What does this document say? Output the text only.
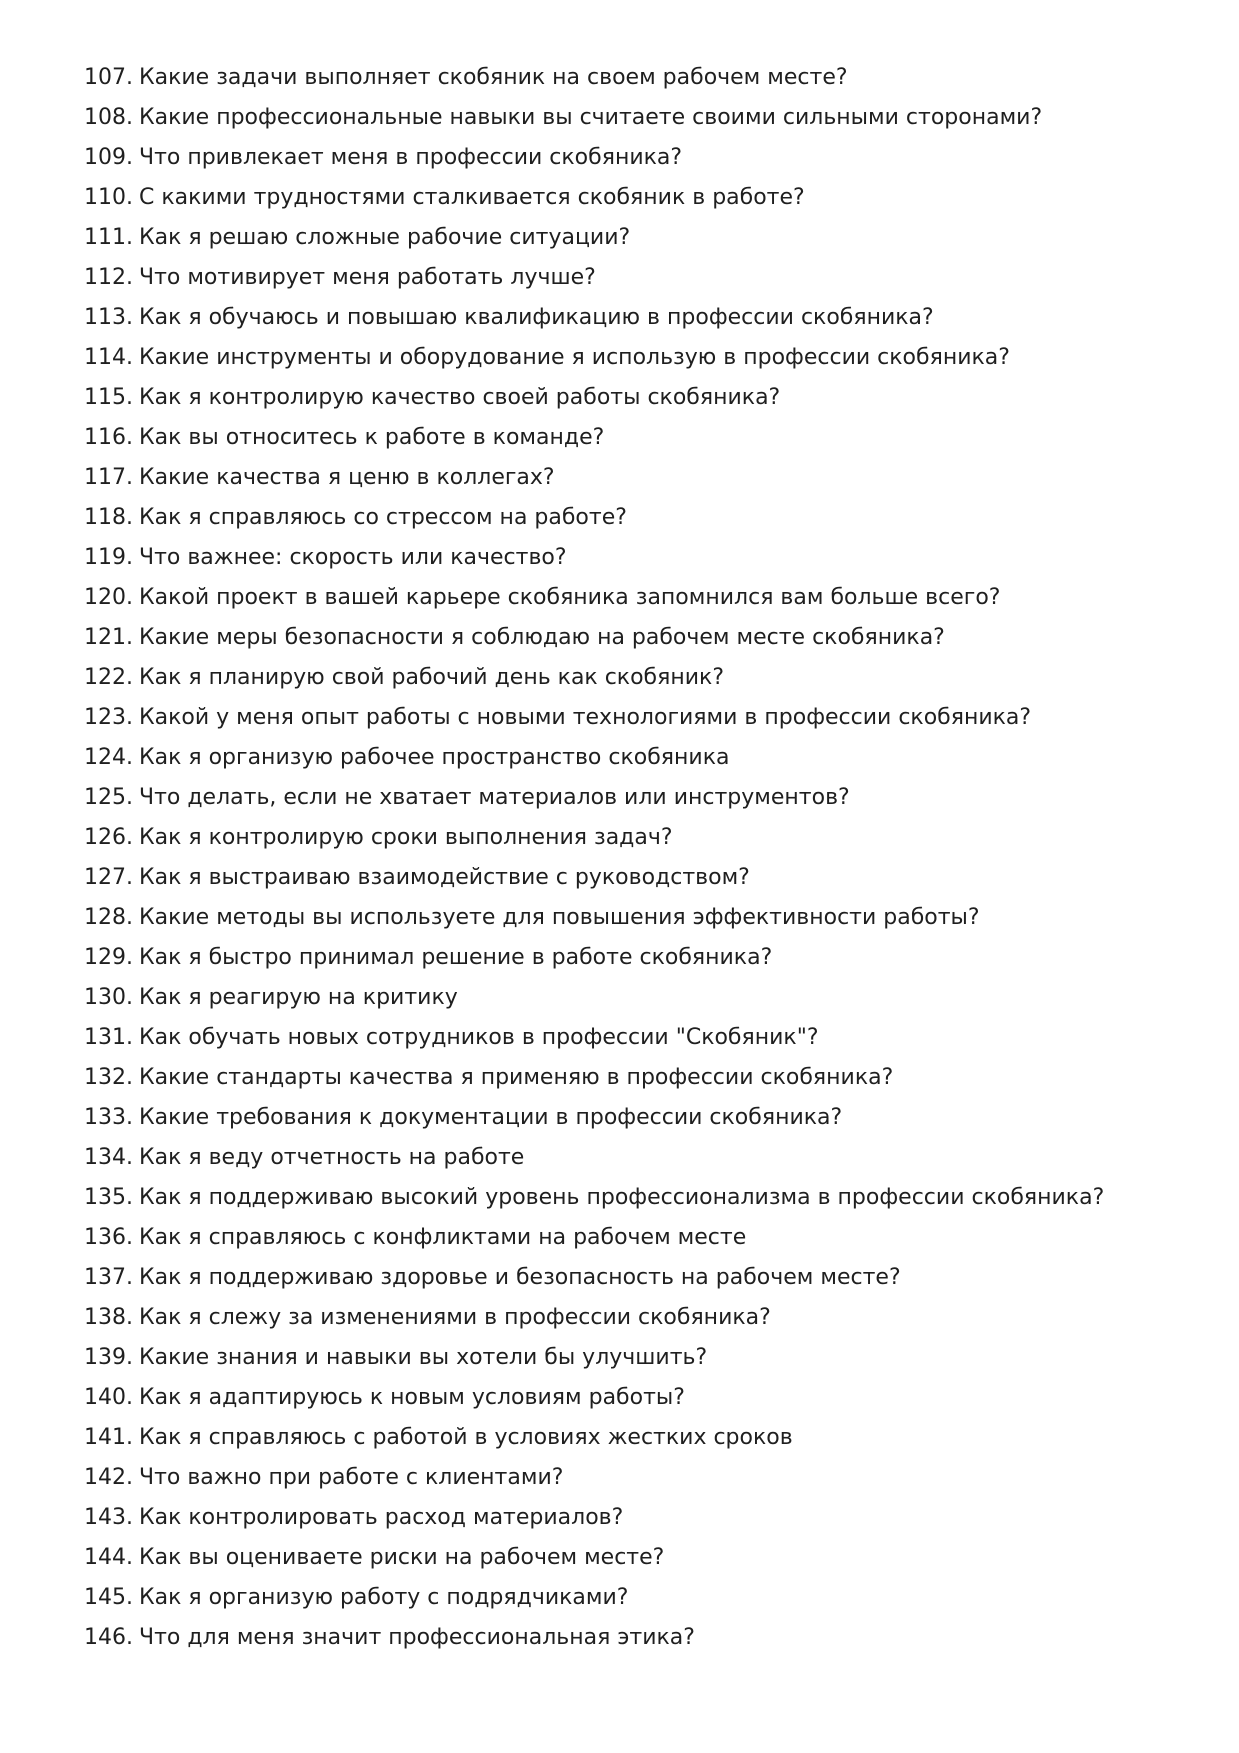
107. Какие задачи выполняет скобяник на своем рабочем месте?
108. Какие профессиональные навыки вы считаете своими сильными сторонами?
109. Что привлекает меня в профессии скобяника?
110. С какими трудностями сталкивается скобяник в работе?
111. Как я решаю сложные рабочие ситуации?
112. Что мотивирует меня работать лучше?
113. Как я обучаюсь и повышаю квалификацию в профессии скобяника?
114. Какие инструменты и оборудование я использую в профессии скобяника?
115. Как я контролирую качество своей работы скобяника?
116. Как вы относитесь к работе в команде?
117. Какие качества я ценю в коллегах?
118. Как я справляюсь со стрессом на работе?
119. Что важнее: скорость или качество?
120. Какой проект в вашей карьере скобяника запомнился вам больше всего?
121. Какие меры безопасности я соблюдаю на рабочем месте скобяника?
122. Как я планирую свой рабочий день как скобяник?
123. Какой у меня опыт работы с новыми технологиями в профессии скобяника?
124. Как я организую рабочее пространство скобяника
125. Что делать, если не хватает материалов или инструментов?
126. Как я контролирую сроки выполнения задач?
127. Как я выстраиваю взаимодействие с руководством?
128. Какие методы вы используете для повышения эффективности работы?
129. Как я быстро принимал решение в работе скобяника?
130. Как я реагирую на критику
131. Как обучать новых сотрудников в профессии "Скобяник"?
132. Какие стандарты качества я применяю в профессии скобяника?
133. Какие требования к документации в профессии скобяника?
134. Как я веду отчетность на работе
135. Как я поддерживаю высокий уровень профессионализма в профессии скобяника?
136. Как я справляюсь с конфликтами на рабочем месте
137. Как я поддерживаю здоровье и безопасность на рабочем месте?
138. Как я слежу за изменениями в профессии скобяника?
139. Какие знания и навыки вы хотели бы улучшить?
140. Как я адаптируюсь к новым условиям работы?
141. Как я справляюсь с работой в условиях жестких сроков
142. Что важно при работе с клиентами?
143. Как контролировать расход материалов?
144. Как вы оцениваете риски на рабочем месте?
145. Как я организую работу с подрядчиками?
146. Что для меня значит профессиональная этика?
